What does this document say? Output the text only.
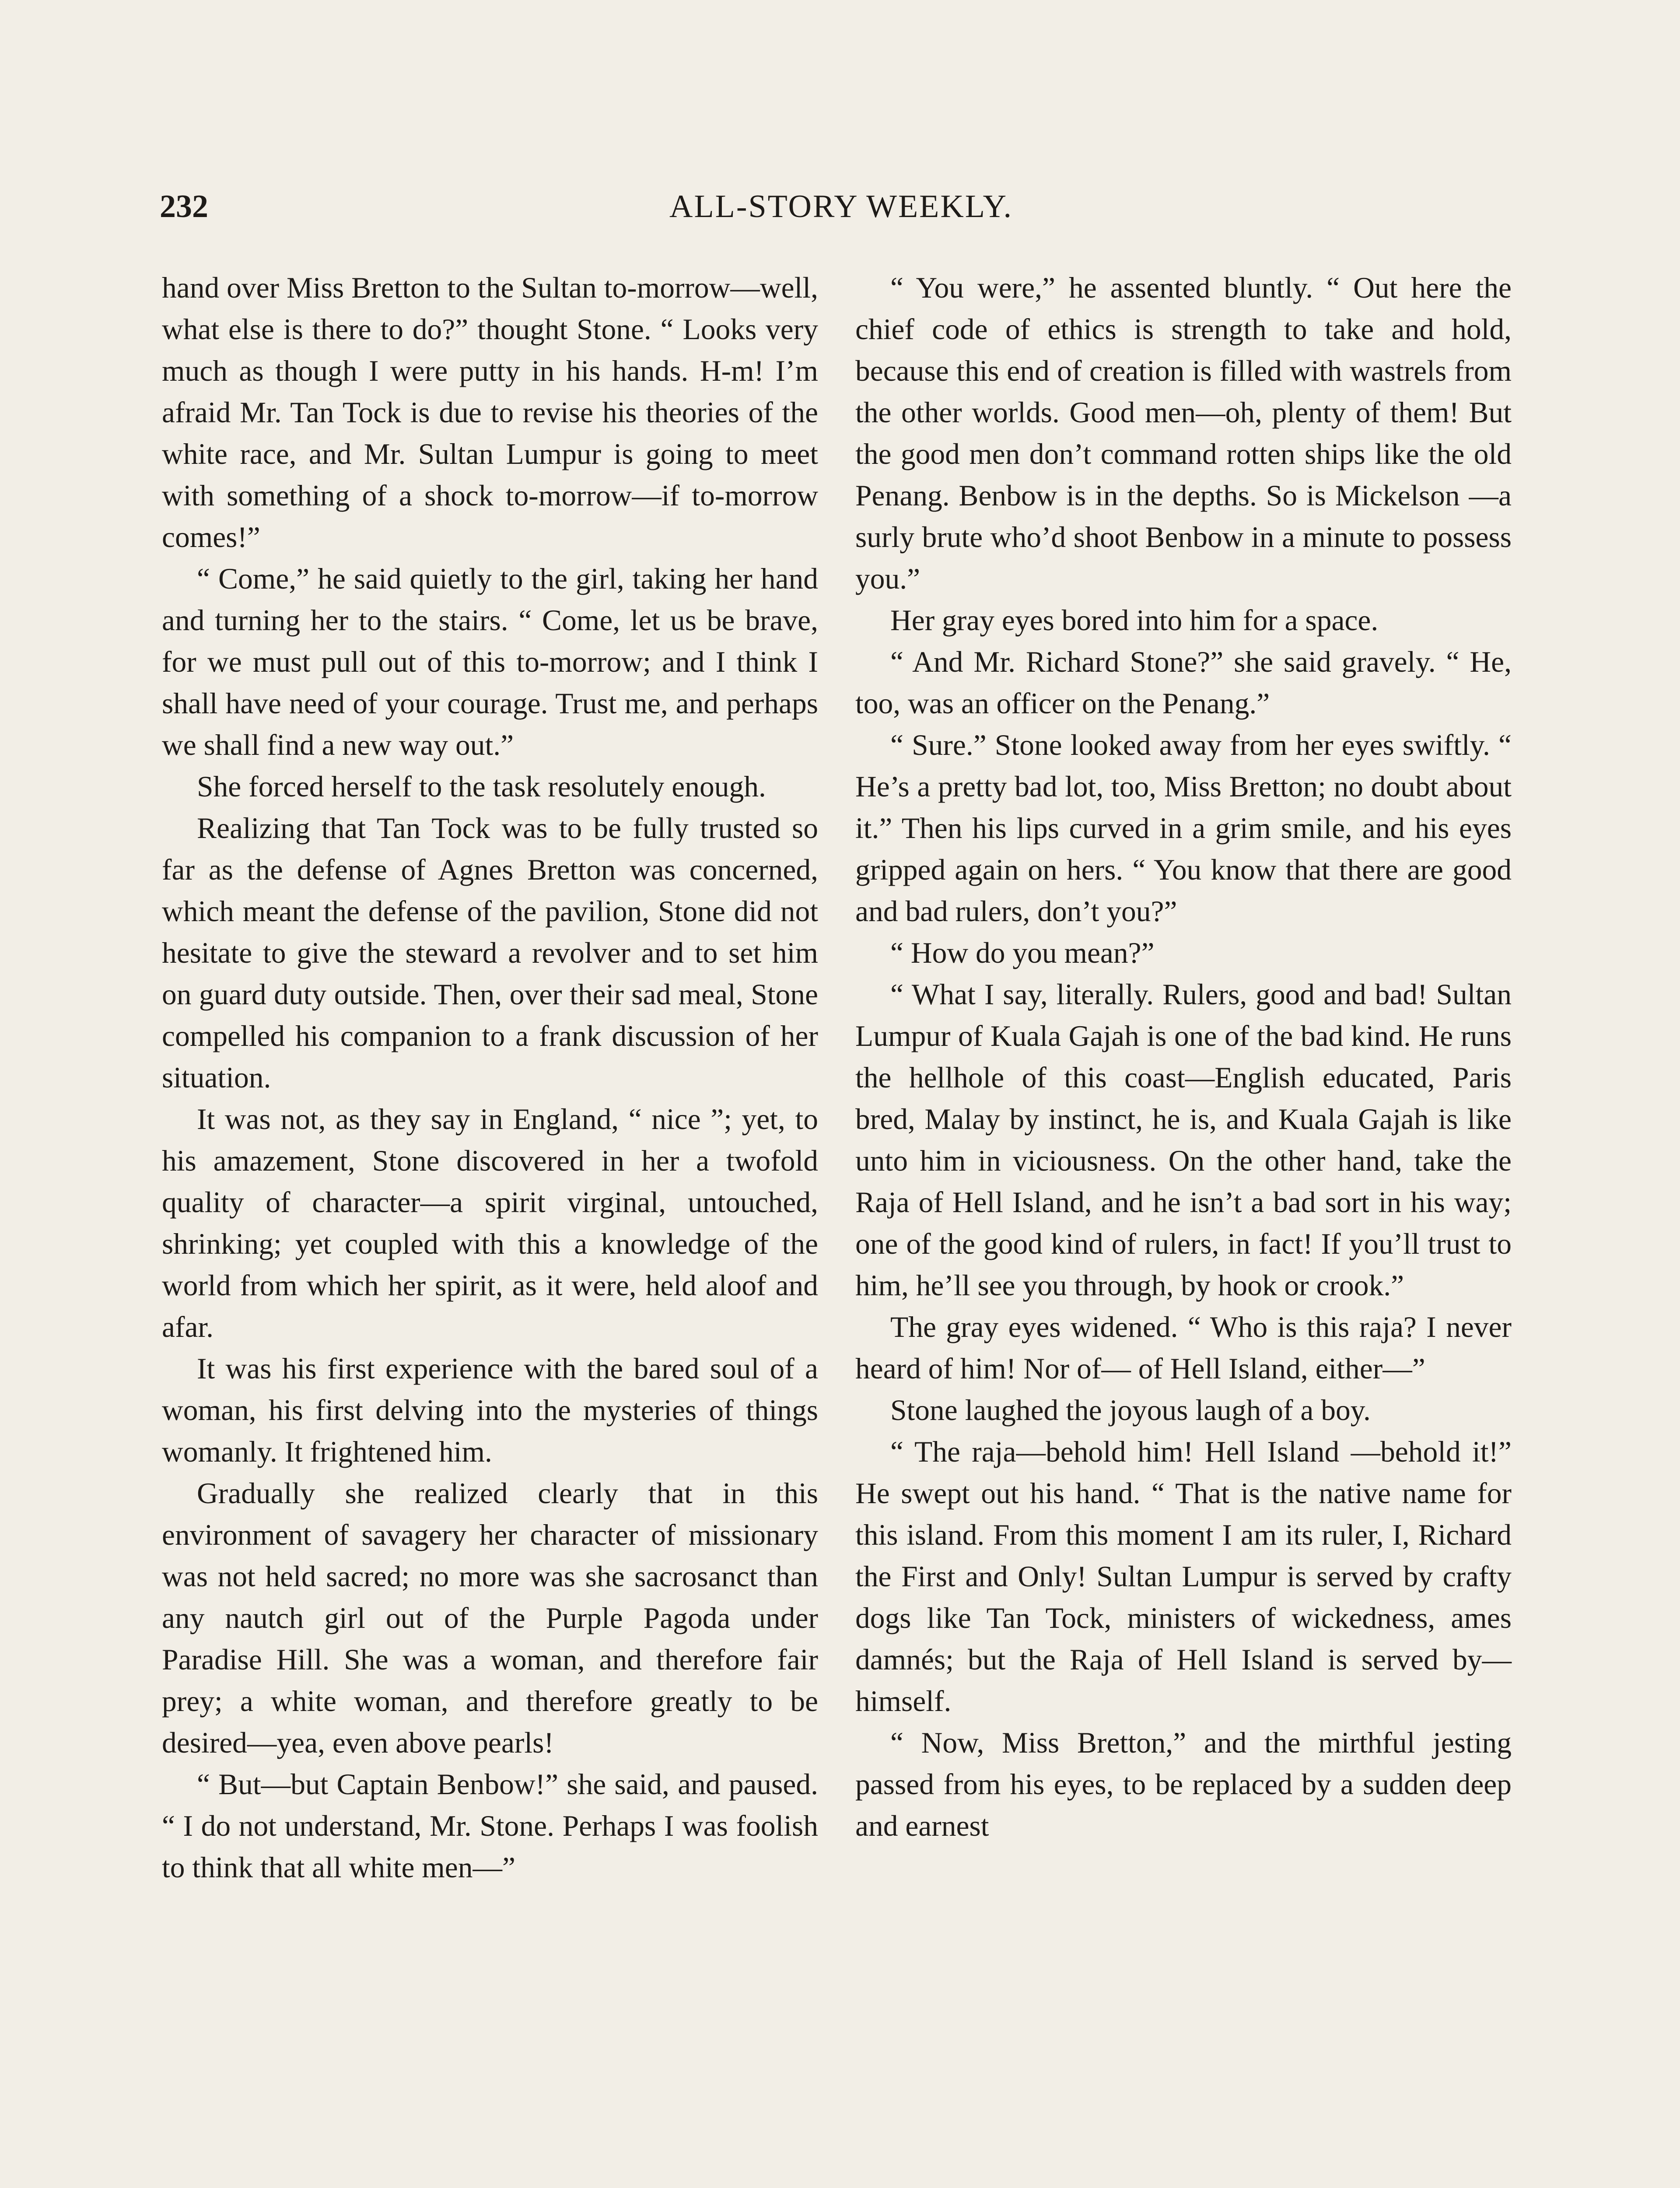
232	ALL-STORY WEEKLY.

hand over Miss Bretton to the Sultan to-morrow—well, what else is there to do?” thought Stone. “ Looks very much as though I were putty in his hands. H-m! I’m afraid Mr. Tan Tock is due to revise his theories of the white race, and Mr. Sultan Lumpur is going to meet with something of a shock to-morrow—if to-morrow comes!”

“ Come,” he said quietly to the girl, taking her hand and turning her to the stairs. “ Come, let us be brave, for we must pull out of this to-morrow; and I think I shall have need of your courage. Trust me, and perhaps we shall find a new way out.”

She forced herself to the task resolutely enough.

Realizing that Tan Tock was to be fully trusted so far as the defense of Agnes Bretton was concerned, which meant the defense of the pavilion, Stone did not hesitate to give the steward a revolver and to set him on guard duty outside. Then, over their sad meal, Stone compelled his companion to a frank discussion of her situation.

It was not, as they say in England, “ nice ”; yet, to his amazement, Stone discovered in her a twofold quality of character—a spirit virginal, untouched, shrinking; yet coupled with this a knowledge of the world from which her spirit, as it were, held aloof and afar.

It was his first experience with the bared soul of a woman, his first delving into the mysteries of things womanly. It frightened him.

Gradually she realized clearly that in this environment of savagery her character of missionary was not held sacred; no more was she sacrosanct than any nautch girl out of the Purple Pagoda under Paradise Hill. She was a woman, and therefore fair prey; a white woman, and therefore greatly to be desired—yea, even above pearls!

“ But—but Captain Benbow!” she said, and paused. “ I do not understand, Mr. Stone. Perhaps I was foolish to think that all white men—”

“ You were,” he assented bluntly. “ Out here the chief code of ethics is strength to take and hold, because this end of creation is filled with wastrels from the other worlds. Good men—oh, plenty of them! But the good men don’t command rotten ships like the old Penang. Benbow is in the depths. So is Mickelson —a surly brute who’d shoot Benbow in a minute to possess you.”

Her gray eyes bored into him for a space.

“ And Mr. Richard Stone?” she said gravely. “ He, too, was an officer on the Penang.”

“ Sure.” Stone looked away from her eyes swiftly. “ He’s a pretty bad lot, too, Miss Bretton; no doubt about it.” Then his lips curved in a grim smile, and his eyes gripped again on hers. “ You know that there are good and bad rulers, don’t you?”

“ How do you mean?”

“ What I say, literally. Rulers, good and bad! Sultan Lumpur of Kuala Gajah is one of the bad kind. He runs the hellhole of this coast—English educated, Paris bred, Malay by instinct, he is, and Kuala Gajah is like unto him in viciousness. On the other hand, take the Raja of Hell Island, and he isn’t a bad sort in his way; one of the good kind of rulers, in fact! If you’ll trust to him, he’ll see you through, by hook or crook.”

The gray eyes widened. “ Who is this raja? I never heard of him! Nor of— of Hell Island, either—”

Stone laughed the joyous laugh of a boy.

“ The raja—behold him! Hell Island —behold it!” He swept out his hand. “ That is the native name for this island. From this moment I am its ruler, I, Richard the First and Only! Sultan Lumpur is served by crafty dogs like Tan Tock, ministers of wickedness, ames damnés; but the Raja of Hell Island is served by—himself.

“ Now, Miss Bretton,” and the mirthful jesting passed from his eyes, to be replaced by a sudden deep and earnest
